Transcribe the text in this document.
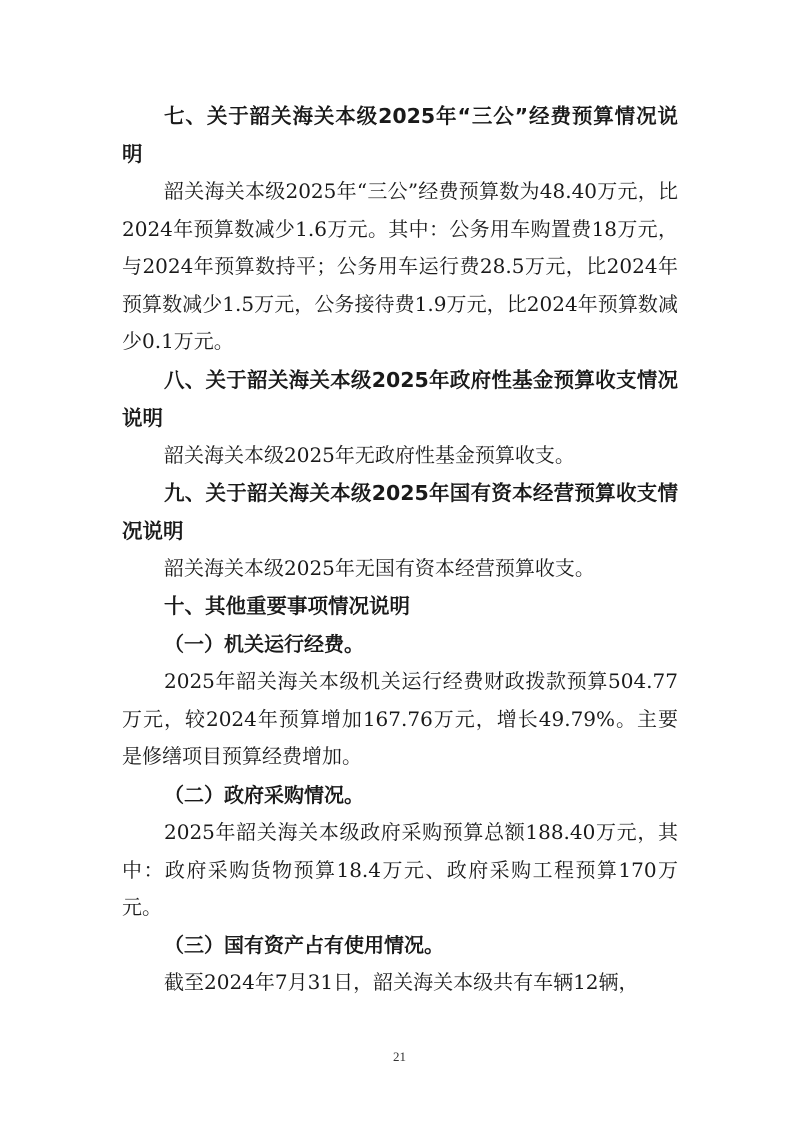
七、关于韶关海关本级2025年“三公”经费预算情况说明

韶关海关本级2025年“三公”经费预算数为48.40万元，比2024年预算数减少1.6万元。其中：公务用车购置费18万元，与2024年预算数持平；公务用车运行费28.5万元，比2024年预算数减少1.5万元，公务接待费1.9万元，比2024年预算数减少0.1万元。

八、关于韶关海关本级2025年政府性基金预算收支情况说明

韶关海关本级2025年无政府性基金预算收支。

九、关于韶关海关本级2025年国有资本经营预算收支情况说明

韶关海关本级2025年无国有资本经营预算收支。

十、其他重要事项情况说明

（一）机关运行经费。

2025年韶关海关本级机关运行经费财政拨款预算504.77万元，较2024年预算增加167.76万元，增长49.79%。主要是修缮项目预算经费增加。

（二）政府采购情况。

2025年韶关海关本级政府采购预算总额188.40万元，其中：政府采购货物预算18.4万元、政府采购工程预算170万元。

（三）国有资产占有使用情况。

截至2024年7月31日，韶关海关本级共有车辆12辆，

21
